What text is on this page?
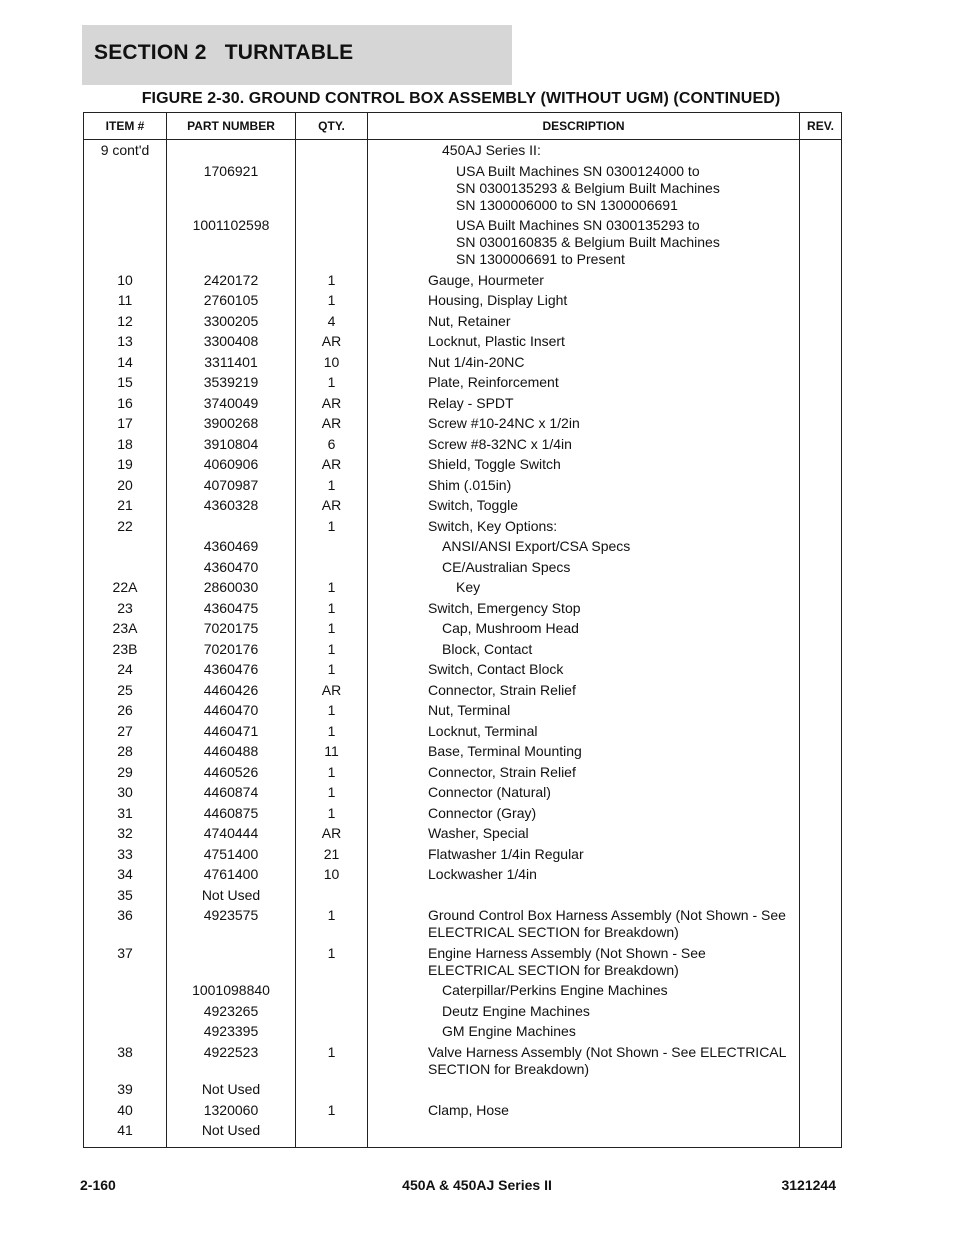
SECTION 2   TURNTABLE
FIGURE 2-30. GROUND CONTROL BOX ASSEMBLY (WITHOUT UGM) (CONTINUED)
ITEM #	PART NUMBER	QTY.	DESCRIPTION	REV.
9 cont'd			450AJ Series II:	
	1706921		USA Built Machines SN 0300124000 to
SN 0300135293 & Belgium Built Machines
SN 1300006000 to SN 1300006691	
	1001102598		USA Built Machines SN 0300135293 to
SN 0300160835 & Belgium Built Machines
SN 1300006691 to Present	
10	2420172	1	Gauge, Hourmeter	
11	2760105	1	Housing, Display Light	
12	3300205	4	Nut, Retainer	
13	3300408	AR	Locknut, Plastic Insert	
14	3311401	10	Nut 1/4in-20NC	
15	3539219	1	Plate, Reinforcement	
16	3740049	AR	Relay - SPDT	
17	3900268	AR	Screw #10-24NC x 1/2in	
18	3910804	6	Screw #8-32NC x 1/4in	
19	4060906	AR	Shield, Toggle Switch	
20	4070987	1	Shim (.015in)	
21	4360328	AR	Switch, Toggle	
22		1	Switch, Key Options:	
	4360469		ANSI/ANSI Export/CSA Specs	
	4360470		CE/Australian Specs	
22A	2860030	1	Key	
23	4360475	1	Switch, Emergency Stop	
23A	7020175	1	Cap, Mushroom Head	
23B	7020176	1	Block, Contact	
24	4360476	1	Switch, Contact Block	
25	4460426	AR	Connector, Strain Relief	
26	4460470	1	Nut, Terminal	
27	4460471	1	Locknut, Terminal	
28	4460488	11	Base, Terminal Mounting	
29	4460526	1	Connector, Strain Relief	
30	4460874	1	Connector (Natural)	
31	4460875	1	Connector (Gray)	
32	4740444	AR	Washer, Special	
33	4751400	21	Flatwasher 1/4in Regular	
34	4761400	10	Lockwasher 1/4in	
35	Not Used			
36	4923575	1	Ground Control Box Harness Assembly (Not Shown - See
ELECTRICAL SECTION for Breakdown)	
37		1	Engine Harness Assembly (Not Shown - See
ELECTRICAL SECTION for Breakdown)	
	1001098840		Caterpillar/Perkins Engine Machines	
	4923265		Deutz Engine Machines	
	4923395		GM Engine Machines	
38	4922523	1	Valve Harness Assembly (Not Shown - See ELECTRICAL
SECTION for Breakdown)	
39	Not Used			
40	1320060	1	Clamp, Hose	
41	Not Used			
2-160	450A & 450AJ Series II	3121244
